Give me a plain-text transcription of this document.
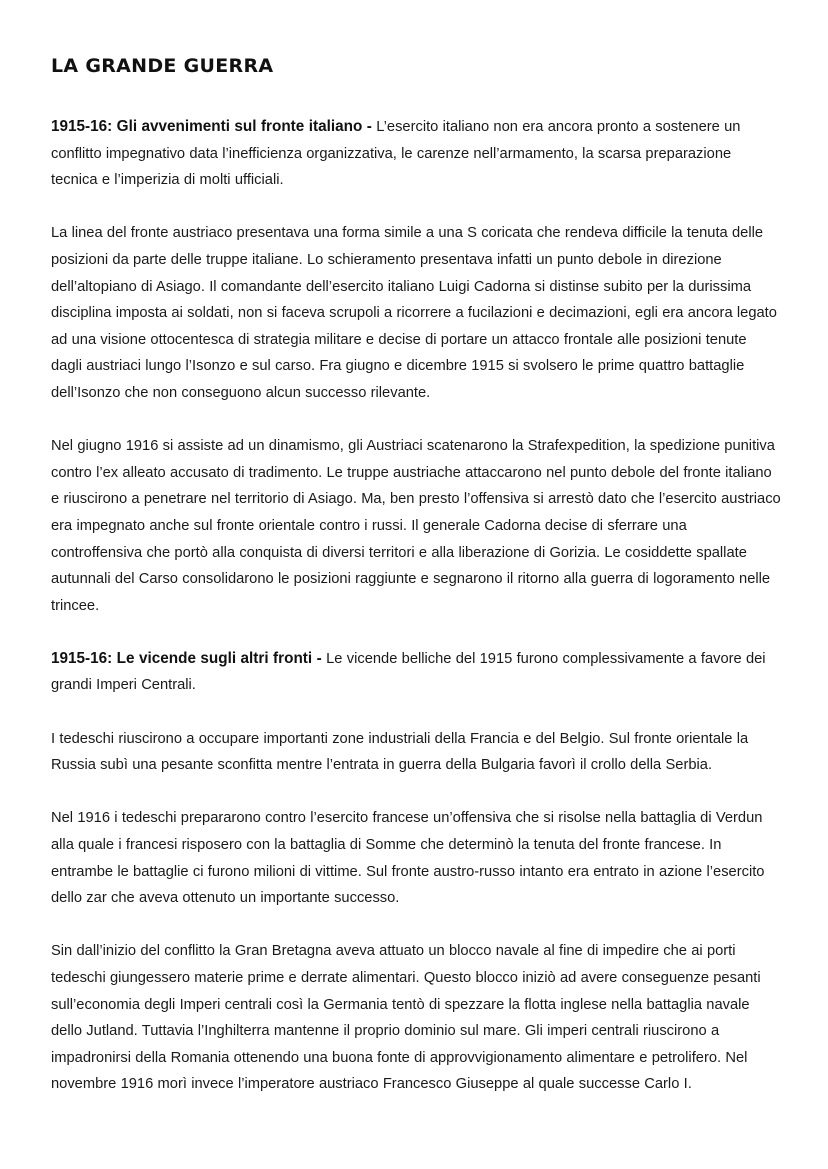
LA GRANDE GUERRA

1915-16: Gli avvenimenti sul fronte italiano - L’esercito italiano non era ancora pronto a sostenere un conflitto impegnativo data l’inefficienza organizzativa, le carenze nell’armamento, la scarsa preparazione tecnica e l’imperizia di molti ufficiali.

La linea del fronte austriaco presentava una forma simile a una S coricata che rendeva difficile la tenuta delle posizioni da parte delle truppe italiane. Lo schieramento presentava infatti un punto debole in direzione dell’altopiano di Asiago. Il comandante dell’esercito italiano Luigi Cadorna si distinse subito per la durissima disciplina imposta ai soldati, non si faceva scrupoli a ricorrere a fucilazioni e decimazioni, egli era ancora legato ad una visione ottocentesca di strategia militare e decise di portare un attacco frontale alle posizioni tenute dagli austriaci lungo l’Isonzo e sul carso. Fra giugno e dicembre 1915 si svolsero le prime quattro battaglie dell’Isonzo che non conseguono alcun successo rilevante.

Nel giugno 1916 si assiste ad un dinamismo, gli Austriaci scatenarono la Strafexpedition, la spedizione punitiva contro l’ex alleato accusato di tradimento. Le truppe austriache attaccarono nel punto debole del fronte italiano e riuscirono a penetrare nel territorio di Asiago. Ma, ben presto l’offensiva si arrestò dato che l’esercito austriaco era impegnato anche sul fronte orientale contro i russi. Il generale Cadorna decise di sferrare una controffensiva che portò alla conquista di diversi territori e alla liberazione di Gorizia. Le cosiddette spallate autunnali del Carso consolidarono le posizioni raggiunte e segnarono il ritorno alla guerra di logoramento nelle trincee.

1915-16: Le vicende sugli altri fronti - Le vicende belliche del 1915 furono complessivamente a favore dei grandi Imperi Centrali.

I tedeschi riuscirono a occupare importanti zone industriali della Francia e del Belgio. Sul fronte orientale la Russia subì una pesante sconfitta mentre l’entrata in guerra della Bulgaria favorì il crollo della Serbia.

Nel 1916 i tedeschi prepararono contro l’esercito francese un’offensiva che si risolse nella battaglia di Verdun alla quale i francesi risposero con la battaglia di Somme che determinò la tenuta del fronte francese. In entrambe le battaglie ci furono milioni di vittime. Sul fronte austro-russo intanto era entrato in azione l’esercito dello zar che aveva ottenuto un importante successo.

Sin dall’inizio del conflitto la Gran Bretagna aveva attuato un blocco navale al fine di impedire che ai porti tedeschi giungessero materie prime e derrate alimentari. Questo blocco iniziò ad avere conseguenze pesanti sull’economia degli Imperi centrali così la Germania tentò di spezzare la flotta inglese nella battaglia navale dello Jutland. Tuttavia l’Inghilterra mantenne il proprio dominio sul mare. Gli imperi centrali riuscirono a impadronirsi della Romania ottenendo una buona fonte di approvvigionamento alimentare e petrolifero. Nel novembre 1916 morì invece l’imperatore austriaco Francesco Giuseppe al quale successe Carlo I.
